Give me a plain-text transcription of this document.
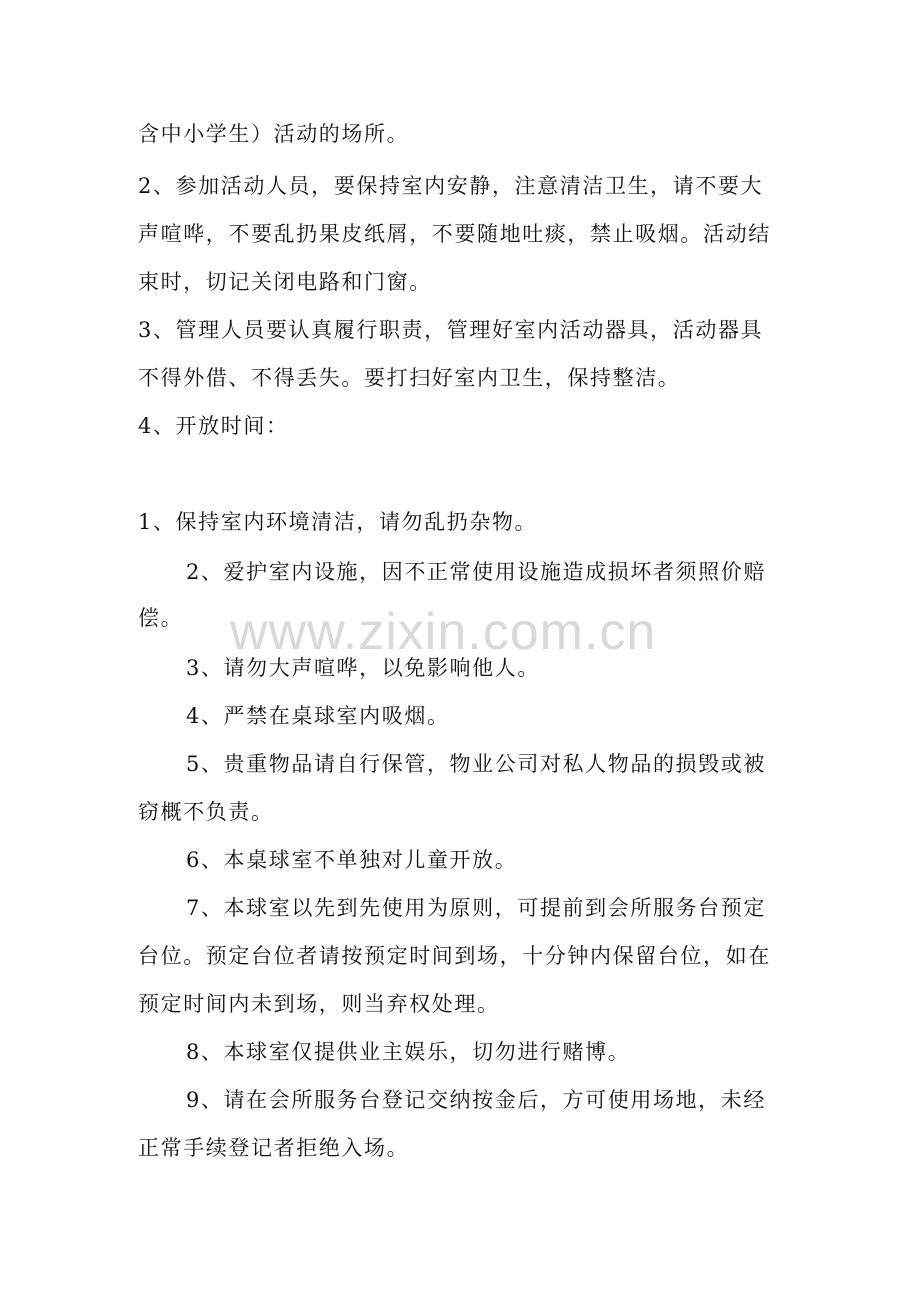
含中小学生）活动的场所。
2、参加活动人员，要保持室内安静，注意清洁卫生，请不要大
声喧哗，不要乱扔果皮纸屑，不要随地吐痰，禁止吸烟。活动结
束时，切记关闭电路和门窗。
3、管理人员要认真履行职责，管理好室内活动器具，活动器具
不得外借、不得丢失。要打扫好室内卫生，保持整洁。
4、开放时间：
1、保持室内环境清洁，请勿乱扔杂物。
2、爱护室内设施，因不正常使用设施造成损坏者须照价赔
偿。
3、请勿大声喧哗，以免影响他人。
4、严禁在桌球室内吸烟。
5、贵重物品请自行保管，物业公司对私人物品的损毁或被
窃概不负责。
6、本桌球室不单独对儿童开放。
7、本球室以先到先使用为原则，可提前到会所服务台预定
台位。预定台位者请按预定时间到场，十分钟内保留台位，如在
预定时间内未到场，则当弃权处理。
8、本球室仅提供业主娱乐，切勿进行赌博。
9、请在会所服务台登记交纳按金后，方可使用场地，未经
正常手续登记者拒绝入场。
www.zixin.com.cn
